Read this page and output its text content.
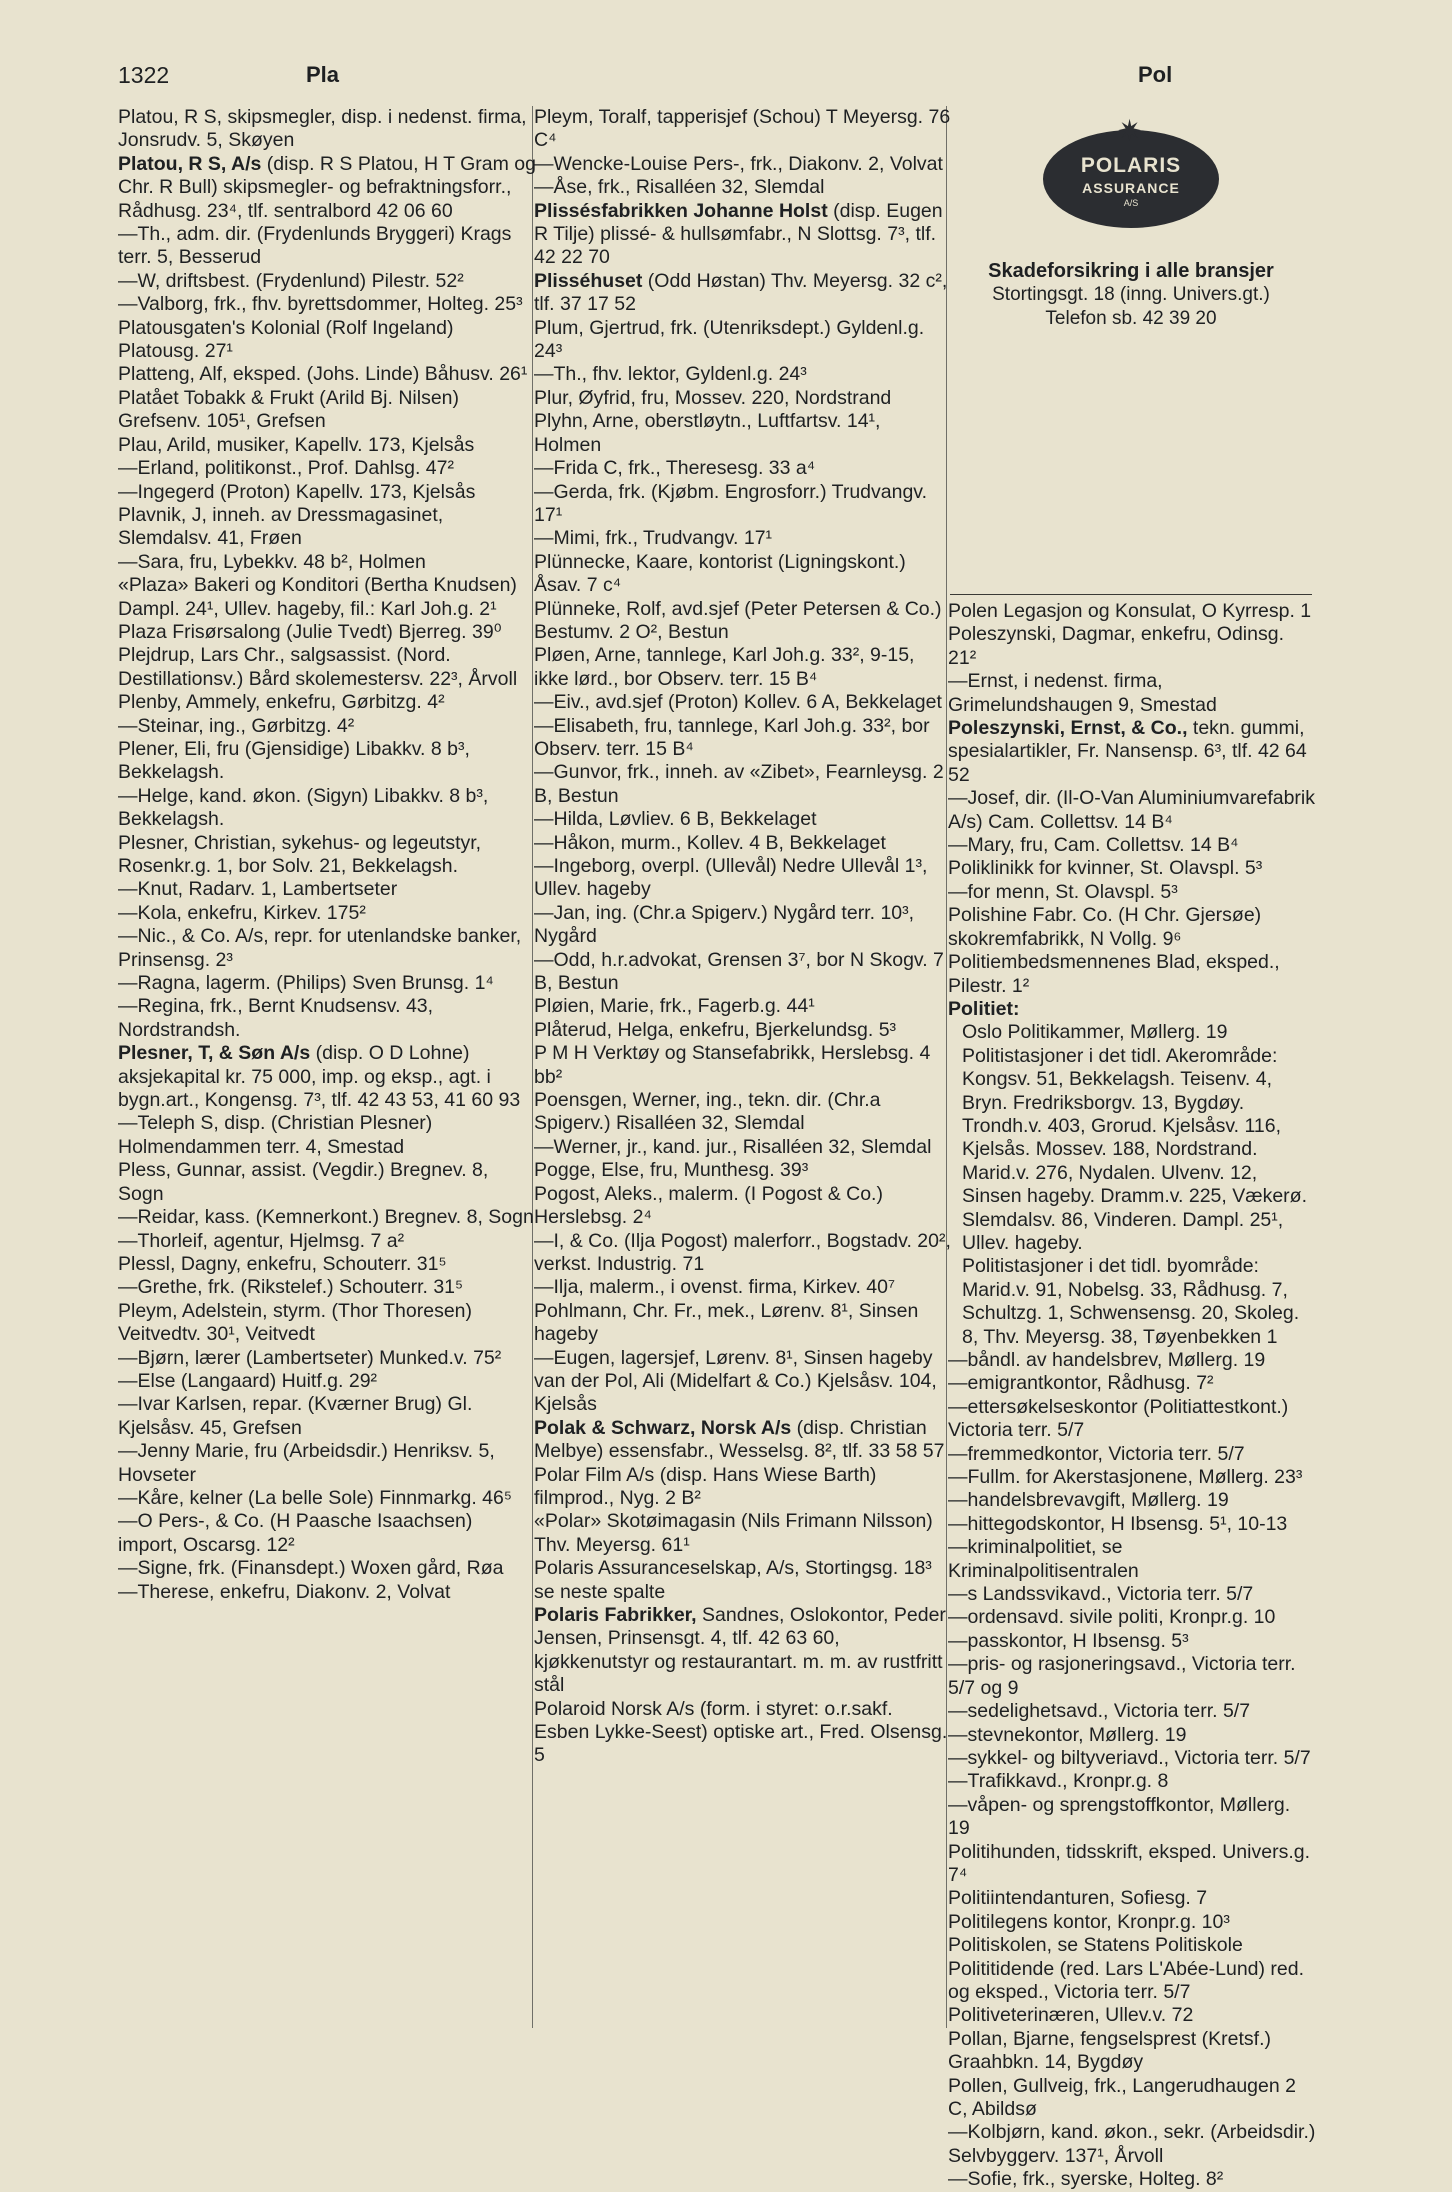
1322	Pla	Pol
Platou, R S, skipsmegler, disp. i nedenst. firma, Jonsrudv. 5, Skøyen
Platou, R S, A/s (disp. R S Platou, H T Gram og Chr. R Bull) skipsmegler- og befraktningsforr., Rådhusg. 23⁴, tlf. sentralbord 42 06 60
—Th., adm. dir. (Frydenlunds Bryggeri) Krags terr. 5, Besserud
—W, driftsbest. (Frydenlund) Pilestr. 52²
—Valborg, frk., fhv. byrettsdommer, Holteg. 25³
Platousgaten's Kolonial (Rolf Ingeland) Platousg. 27¹
Platteng, Alf, eksped. (Johs. Linde) Båhusv. 26¹
Platået Tobakk & Frukt (Arild Bj. Nilsen) Grefsenv. 105¹, Grefsen
Plau, Arild, musiker, Kapellv. 173, Kjelsås
—Erland, politikonst., Prof. Dahlsg. 47²
—Ingegerd (Proton) Kapellv. 173, Kjelsås
Plavnik, J, inneh. av Dressmagasinet, Slemdalsv. 41, Frøen
—Sara, fru, Lybekkv. 48 b², Holmen
«Plaza» Bakeri og Konditori (Bertha Knudsen) Dampl. 24¹, Ullev. hageby, fil.: Karl Joh.g. 2¹
Plaza Frisørsalong (Julie Tvedt) Bjerreg. 39⁰
Plejdrup, Lars Chr., salgsassist. (Nord. Destillationsv.) Bård skolemestersv. 22³, Årvoll
Plenby, Ammely, enkefru, Gørbitzg. 4²
—Steinar, ing., Gørbitzg. 4²
Plener, Eli, fru (Gjensidige) Libakkv. 8 b³, Bekkelagsh.
—Helge, kand. økon. (Sigyn) Libakkv. 8 b³, Bekkelagsh.
Plesner, Christian, sykehus- og legeutstyr, Rosenkr.g. 1, bor Solv. 21, Bekkelagsh.
—Knut, Radarv. 1, Lambertseter
—Kola, enkefru, Kirkev. 175²
—Nic., & Co. A/s, repr. for utenlandske banker, Prinsensg. 2³
—Ragna, lagerm. (Philips) Sven Brunsg. 1⁴
—Regina, frk., Bernt Knudsensv. 43, Nordstrandsh.
Plesner, T, & Søn A/s (disp. O D Lohne) aksjekapital kr. 75 000, imp. og eksp., agt. i bygn.art., Kongensg. 7³, tlf. 42 43 53, 41 60 93
—Teleph S, disp. (Christian Plesner) Holmendammen terr. 4, Smestad
Pless, Gunnar, assist. (Vegdir.) Bregnev. 8, Sogn
—Reidar, kass. (Kemnerkont.) Bregnev. 8, Sogn
—Thorleif, agentur, Hjelmsg. 7 a²
Plessl, Dagny, enkefru, Schouterr. 31⁵
—Grethe, frk. (Rikstelef.) Schouterr. 31⁵
Pleym, Adelstein, styrm. (Thor Thoresen) Veitvedtv. 30¹, Veitvedt
—Bjørn, lærer (Lambertseter) Munked.v. 75²
—Else (Langaard) Huitf.g. 29²
—Ivar Karlsen, repar. (Kværner Brug) Gl. Kjelsåsv. 45, Grefsen
—Jenny Marie, fru (Arbeidsdir.) Henriksv. 5, Hovseter
—Kåre, kelner (La belle Sole) Finnmarkg. 46⁵
—O Pers-, & Co. (H Paasche Isaachsen) import, Oscarsg. 12²
—Signe, frk. (Finansdept.) Woxen gård, Røa
—Therese, enkefru, Diakonv. 2, Volvat
Pleym, Toralf, tapperisjef (Schou) T Meyersg. 76 C⁴
—Wencke-Louise Pers-, frk., Diakonv. 2, Volvat
—Åse, frk., Risalléen 32, Slemdal
Plissésfabrikken Johanne Holst (disp. Eugen R Tilje) plissé- & hullsømfabr., N Slottsg. 7³, tlf. 42 22 70
Plisséhuset (Odd Høstan) Thv. Meyersg. 32 c², tlf. 37 17 52
Plum, Gjertrud, frk. (Utenriksdept.) Gyldenl.g. 24³
—Th., fhv. lektor, Gyldenl.g. 24³
Plur, Øyfrid, fru, Mossev. 220, Nordstrand
Plyhn, Arne, oberstløytn., Luftfartsv. 14¹, Holmen
—Frida C, frk., Theresesg. 33 a⁴
—Gerda, frk. (Kjøbm. Engrosforr.) Trudvangv. 17¹
—Mimi, frk., Trudvangv. 17¹
Plünnecke, Kaare, kontorist (Ligningskont.) Åsav. 7 c⁴
Plünneke, Rolf, avd.sjef (Peter Petersen & Co.) Bestumv. 2 O², Bestun
Pløen, Arne, tannlege, Karl Joh.g. 33², 9-15, ikke lørd., bor Observ. terr. 15 B⁴
—Eiv., avd.sjef (Proton) Kollev. 6 A, Bekkelaget
—Elisabeth, fru, tannlege, Karl Joh.g. 33², bor Observ. terr. 15 B⁴
—Gunvor, frk., inneh. av «Zibet», Fearnleysg. 2 B, Bestun
—Hilda, Løvliev. 6 B, Bekkelaget
—Håkon, murm., Kollev. 4 B, Bekkelaget
—Ingeborg, overpl. (Ullevål) Nedre Ullevål 1³, Ullev. hageby
—Jan, ing. (Chr.a Spigerv.) Nygård terr. 10³, Nygård
—Odd, h.r.advokat, Grensen 3⁷, bor N Skogv. 7 B, Bestun
Pløien, Marie, frk., Fagerb.g. 44¹
Plåterud, Helga, enkefru, Bjerkelundsg. 5³
P M H Verktøy og Stansefabrikk, Herslebsg. 4 bb²
Poensgen, Werner, ing., tekn. dir. (Chr.a Spigerv.) Risalléen 32, Slemdal
—Werner, jr., kand. jur., Risalléen 32, Slemdal
Pogge, Else, fru, Munthesg. 39³
Pogost, Aleks., malerm. (I Pogost & Co.) Herslebsg. 2⁴
—I, & Co. (Ilja Pogost) malerforr., Bogstadv. 20², verkst. Industrig. 71
—Ilja, malerm., i ovenst. firma, Kirkev. 40⁷
Pohlmann, Chr. Fr., mek., Lørenv. 8¹, Sinsen hageby
—Eugen, lagersjef, Lørenv. 8¹, Sinsen hageby
van der Pol, Ali (Midelfart & Co.) Kjelsåsv. 104, Kjelsås
Polak & Schwarz, Norsk A/s (disp. Christian Melbye) essensfabr., Wesselsg. 8², tlf. 33 58 57
Polar Film A/s (disp. Hans Wiese Barth) filmprod., Nyg. 2 B²
«Polar» Skotøimagasin (Nils Frimann Nilsson) Thv. Meyersg. 61¹
Polaris Assuranceselskap, A/s, Stortingsg. 18³ se neste spalte
Polaris Fabrikker, Sandnes, Oslokontor, Peder Jensen, Prinsensgt. 4, tlf. 42 63 60, kjøkkenutstyr og restaurantart. m. m. av rustfritt stål
Polaroid Norsk A/s (form. i styret: o.r.sakf. Esben Lykke-Seest) optiske art., Fred. Olsensg. 5
✷
POLARIS
ASSURANCE
A/S
Skadeforsikring i alle bransjer
Stortingsgt. 18 (inng. Univers.gt.)
Telefon sb. 42 39 20
Polen Legasjon og Konsulat, O Kyrresp. 1
Poleszynski, Dagmar, enkefru, Odinsg. 21²
—Ernst, i nedenst. firma, Grimelundshaugen 9, Smestad
Poleszynski, Ernst, & Co., tekn. gummi, spesialartikler, Fr. Nansensp. 6³, tlf. 42 64 52
—Josef, dir. (Il-O-Van Aluminiumvarefabrik A/s) Cam. Collettsv. 14 B⁴
—Mary, fru, Cam. Collettsv. 14 B⁴
Poliklinikk for kvinner, St. Olavspl. 5³
—for menn, St. Olavspl. 5³
Polishine Fabr. Co. (H Chr. Gjersøe) skokremfabrikk, N Vollg. 9⁶
Politiembedsmennenes Blad, eksped., Pilestr. 1²
Politiet:
Oslo Politikammer, Møllerg. 19
Politistasjoner i det tidl. Akerområde: Kongsv. 51, Bekkelagsh. Teisenv. 4, Bryn. Fredriksborgv. 13, Bygdøy. Trondh.v. 403, Grorud. Kjelsåsv. 116, Kjelsås. Mossev. 188, Nordstrand. Marid.v. 276, Nydalen. Ulvenv. 12, Sinsen hageby. Dramm.v. 225, Vækerø. Slemdalsv. 86, Vinderen. Dampl. 25¹, Ullev. hageby.
Politistasjoner i det tidl. byområde: Marid.v. 91, Nobelsg. 33, Rådhusg. 7, Schultzg. 1, Schwensensg. 20, Skoleg. 8, Thv. Meyersg. 38, Tøyenbekken 1
—båndl. av handelsbrev, Møllerg. 19
—emigrantkontor, Rådhusg. 7²
—ettersøkelseskontor (Politiattestkont.) Victoria terr. 5/7
—fremmedkontor, Victoria terr. 5/7
—Fullm. for Akerstasjonene, Møllerg. 23³
—handelsbrevavgift, Møllerg. 19
—hittegodskontor, H Ibsensg. 5¹, 10-13
—kriminalpolitiet, se Kriminalpolitisentralen
—s Landssvikavd., Victoria terr. 5/7
—ordensavd. sivile politi, Kronpr.g. 10
—passkontor, H Ibsensg. 5³
—pris- og rasjoneringsavd., Victoria terr. 5/7 og 9
—sedelighetsavd., Victoria terr. 5/7
—stevnekontor, Møllerg. 19
—sykkel- og biltyveriavd., Victoria terr. 5/7
—Trafikkavd., Kronpr.g. 8
—våpen- og sprengstoffkontor, Møllerg. 19
Politihunden, tidsskrift, eksped. Univers.g. 7⁴
Politiintendanturen, Sofiesg. 7
Politilegens kontor, Kronpr.g. 10³
Politiskolen, se Statens Politiskole
Polititidende (red. Lars L'Abée-Lund) red. og eksped., Victoria terr. 5/7
Politiveterinæren, Ullev.v. 72
Pollan, Bjarne, fengselsprest (Kretsf.) Graahbkn. 14, Bygdøy
Pollen, Gullveig, frk., Langerudhaugen 2 C, Abildsø
—Kolbjørn, kand. økon., sekr. (Arbeidsdir.) Selvbyggerv. 137¹, Årvoll
—Sofie, frk., syerske, Holteg. 8²
